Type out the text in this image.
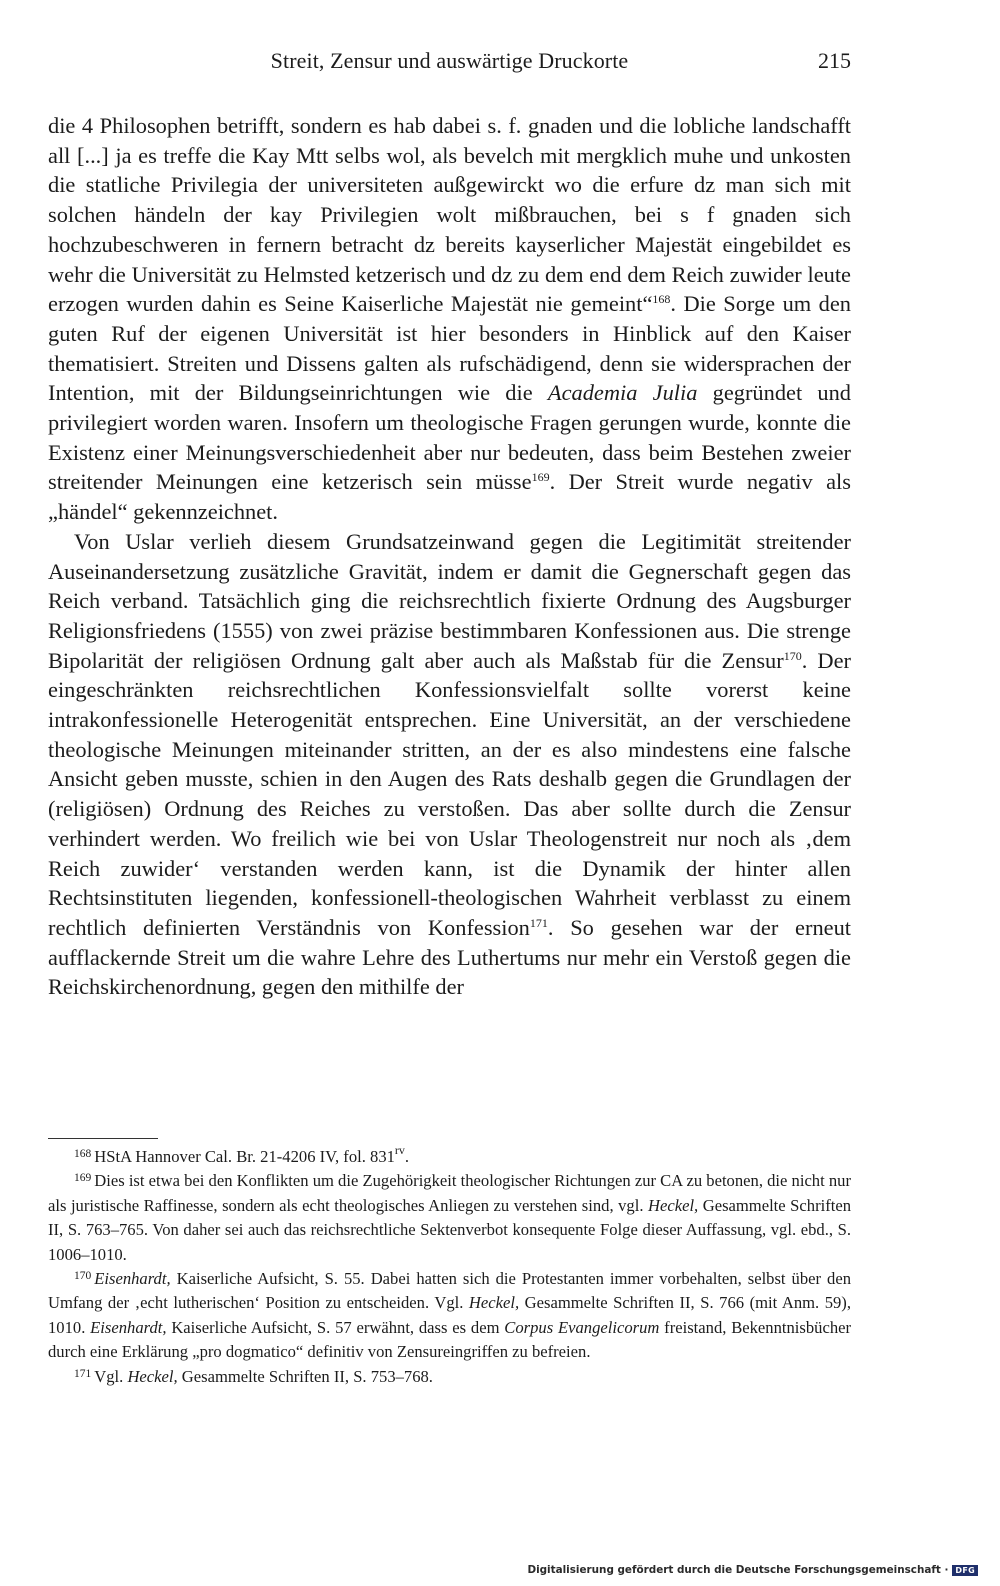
Streit, Zensur und auswärtige Druckorte	215

die 4 Philosophen betrifft, sondern es hab dabei s. f. gnaden und die lobliche landschafft all [...] ja es treffe die Kay Mtt selbs wol, als bevelch mit mergklich muhe und unkosten die statliche Privilegia der universiteten außgewirckt wo die erfure dz man sich mit solchen händeln der kay Privilegien wolt mißbrauchen, bei s f gnaden sich hochzubeschweren in fernern betracht dz bereits kayserlicher Majestät eingebildet es wehr die Universität zu Helmsted ketzerisch und dz zu dem end dem Reich zuwider leute erzogen wurden dahin es Seine Kaiserliche Majestät nie gemeint“$^{168}$. Die Sorge um den guten Ruf der eigenen Universität ist hier besonders in Hinblick auf den Kaiser thematisiert. Streiten und Dissens galten als rufschädigend, denn sie widersprachen der Intention, mit der Bildungseinrichtungen wie die Academia Julia gegründet und privilegiert worden waren. Insofern um theologische Fragen gerungen wurde, konnte die Existenz einer Meinungsverschiedenheit aber nur bedeuten, dass beim Bestehen zweier streitender Meinungen eine ketzerisch sein müsse$^{169}$. Der Streit wurde negativ als „händel“ gekennzeichnet.

Von Uslar verlieh diesem Grundsatzeinwand gegen die Legitimität streitender Auseinandersetzung zusätzliche Gravität, indem er damit die Gegnerschaft gegen das Reich verband. Tatsächlich ging die reichsrechtlich fixierte Ordnung des Augsburger Religionsfriedens (1555) von zwei präzise bestimmbaren Konfessionen aus. Die strenge Bipolarität der religiösen Ordnung galt aber auch als Maßstab für die Zensur$^{170}$. Der eingeschränkten reichsrechtlichen Konfessionsvielfalt sollte vorerst keine intrakonfessionelle Heterogenität entsprechen. Eine Universität, an der verschiedene theologische Meinungen miteinander stritten, an der es also mindestens eine falsche Ansicht geben musste, schien in den Augen des Rats deshalb gegen die Grundlagen der (religiösen) Ordnung des Reiches zu verstoßen. Das aber sollte durch die Zensur verhindert werden. Wo freilich wie bei von Uslar Theologenstreit nur noch als ‚dem Reich zuwider‘ verstanden werden kann, ist die Dynamik der hinter allen Rechtsinstituten liegenden, konfessionell-theologischen Wahrheit verblasst zu einem rechtlich definierten Verständnis von Konfession$^{171}$. So gesehen war der erneut aufflackernde Streit um die wahre Lehre des Luthertums nur mehr ein Verstoß gegen die Reichskirchenordnung, gegen den mithilfe der

$^{168}$ HStA Hannover Cal. Br. 21-4206 IV, fol. 831$^{rv}$.

$^{169}$ Dies ist etwa bei den Konflikten um die Zugehörigkeit theologischer Richtungen zur CA zu betonen, die nicht nur als juristische Raffinesse, sondern als echt theologisches Anliegen zu verstehen sind, vgl. Heckel, Gesammelte Schriften II, S. 763–765. Von daher sei auch das reichsrechtliche Sektenverbot konsequente Folge dieser Auffassung, vgl. ebd., S. 1006–1010.

$^{170}$ Eisenhardt, Kaiserliche Aufsicht, S. 55. Dabei hatten sich die Protestanten immer vorbehalten, selbst über den Umfang der ‚echt lutherischen‘ Position zu entscheiden. Vgl. Heckel, Gesammelte Schriften II, S. 766 (mit Anm. 59), 1010. Eisenhardt, Kaiserliche Aufsicht, S. 57 erwähnt, dass es dem Corpus Evangelicorum freistand, Bekenntnisbücher durch eine Erklärung „pro dogmatico“ definitiv von Zensureingriffen zu befreien.

$^{171}$ Vgl. Heckel, Gesammelte Schriften II, S. 753–768.

Digitalisierung gefördert durch die Deutsche Forschungsgemeinschaft · DFG
